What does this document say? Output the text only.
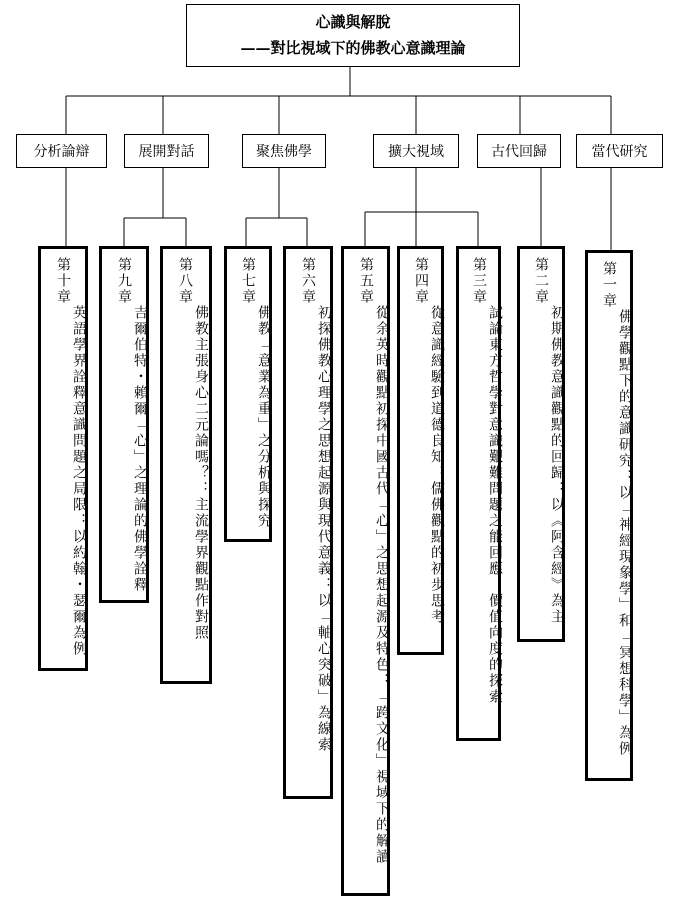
心識與解脫
——對比視域下的佛教心意識理論
分析論辯	展開對話	聚焦佛學	擴大視域	古代回歸	當代研究
第十章
英語學界詮釋意識問題之局限：以約翰・瑟爾為例
第九章
吉爾伯特・賴爾「心」之理論的佛學詮釋
第八章
佛教主張身心二元論嗎？：主流學界觀點作對照
第七章
佛教「意業為重」之分析與探究
第六章
初探佛教心理學之思想起源與現代意義：以「軸心突破」為線索
第五章
從余英時觀點初探中國古代「心」之思想起源及特色：「跨文化」視域下的解讀
第四章
從意識經驗到道德良知：儒佛觀點的初步思考
第三章
試論東方哲學對意識艱難問題之能回應：價值向度的探索
第二章
初期佛教意識觀點的回歸：以《阿含經》為主
第一章
佛學觀點下的意識研究：以「神經現象學」和「冥想科學」為例
